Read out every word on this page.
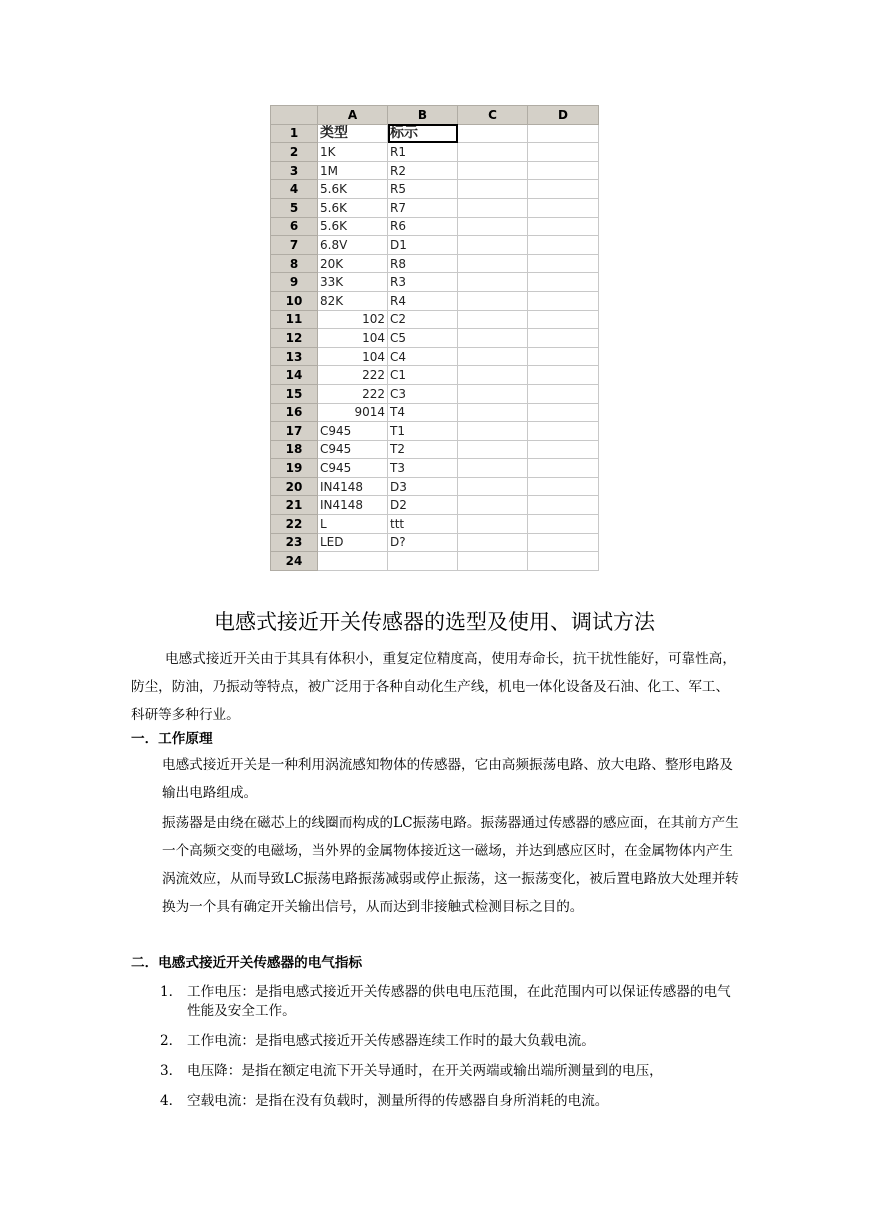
	A	B	C	D
1	类型	标示		
2	1K	R1		
3	1M	R2		
4	5.6K	R5		
5	5.6K	R7		
6	5.6K	R6		
7	6.8V	D1		
8	20K	R8		
9	33K	R3		
10	82K	R4		
11	102	C2		
12	104	C5		
13	104	C4		
14	222	C1		
15	222	C3		
16	9014	T4		
17	C945	T1		
18	C945	T2		
19	C945	T3		
20	IN4148	D3		
21	IN4148	D2		
22	L	ttt		
23	LED	D?		
24				
电感式接近开关传感器的选型及使用、调试方法
电感式接近开关由于其具有体积小，重复定位精度高，使用寿命长，抗干扰性能好，可靠性高，防尘，防油，乃振动等特点，被广泛用于各种自动化生产线，机电一体化设备及石油、化工、军工、科研等多种行业。
一．工作原理
电感式接近开关是一种利用涡流感知物体的传感器，它由高频振荡电路、放大电路、整形电路及输出电路组成。
振荡器是由绕在磁芯上的线圈而构成的LC振荡电路。振荡器通过传感器的感应面，在其前方产生一个高频交变的电磁场，当外界的金属物体接近这一磁场，并达到感应区时，在金属物体内产生涡流效应，从而导致LC振荡电路振荡减弱或停止振荡，这一振荡变化，被后置电路放大处理并转换为一个具有确定开关输出信号，从而达到非接触式检测目标之目的。
二．电感式接近开关传感器的电气指标
1． 工作电压：是指电感式接近开关传感器的供电电压范围，在此范围内可以保证传感器的电气性能及安全工作。
2． 工作电流：是指电感式接近开关传感器连续工作时的最大负载电流。
3． 电压降：是指在额定电流下开关导通时，在开关两端或输出端所测量到的电压，
4． 空载电流：是指在没有负载时，测量所得的传感器自身所消耗的电流。
